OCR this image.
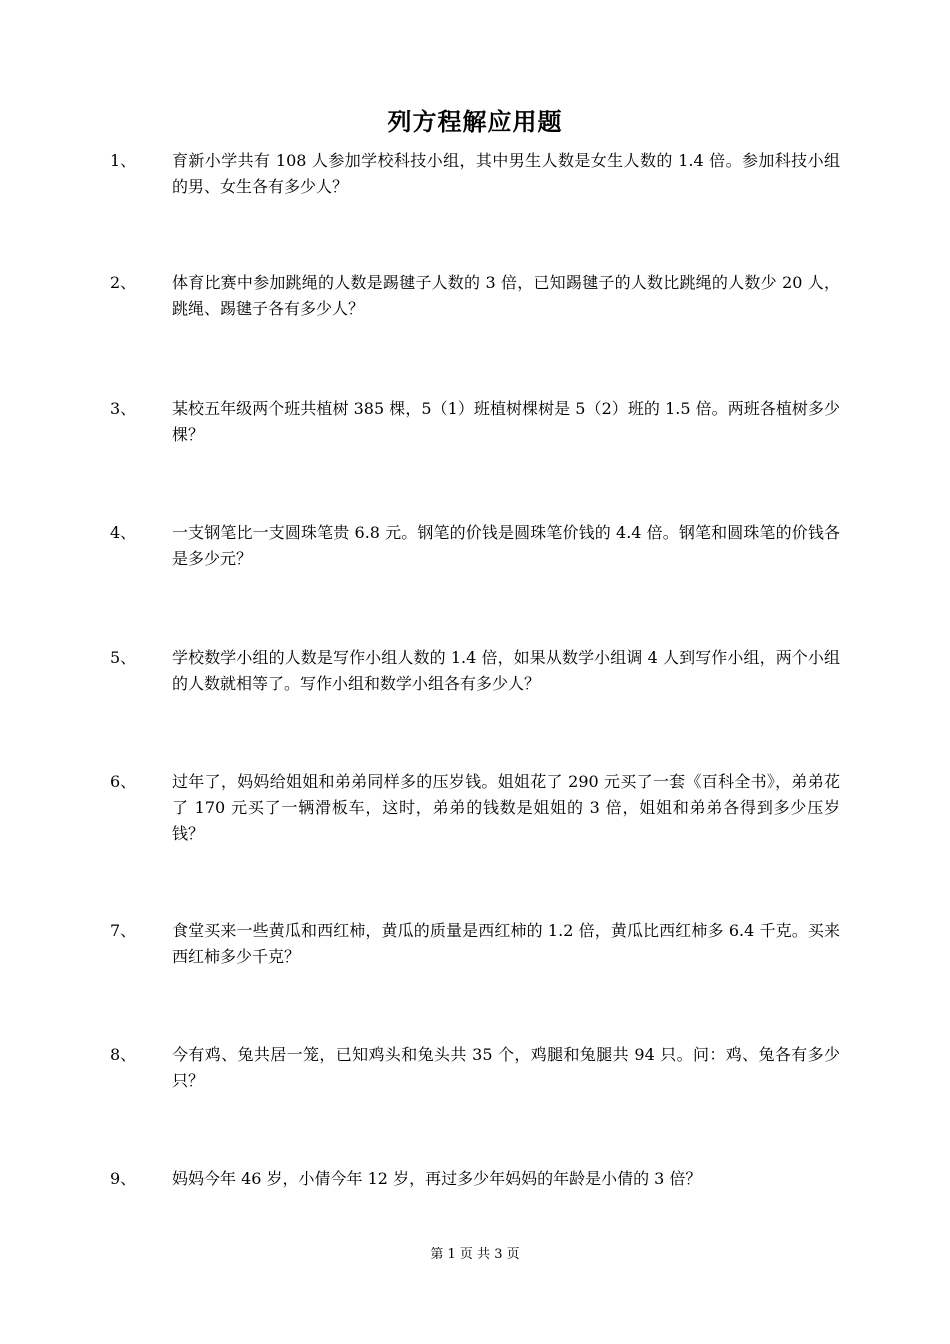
列方程解应用题
1、 育新小学共有 108 人参加学校科技小组，其中男生人数是女生人数的 1.4 倍。参加科技小组的男、女生各有多少人？
2、 体育比赛中参加跳绳的人数是踢毽子人数的 3 倍，已知踢毽子的人数比跳绳的人数少 20 人，跳绳、踢毽子各有多少人？
3、 某校五年级两个班共植树 385 棵，5（1）班植树棵树是 5（2）班的 1.5 倍。两班各植树多少棵？
4、 一支钢笔比一支圆珠笔贵 6.8 元。钢笔的价钱是圆珠笔价钱的 4.4 倍。钢笔和圆珠笔的价钱各是多少元？
5、 学校数学小组的人数是写作小组人数的 1.4 倍，如果从数学小组调 4 人到写作小组，两个小组的人数就相等了。写作小组和数学小组各有多少人？
6、 过年了，妈妈给姐姐和弟弟同样多的压岁钱。姐姐花了 290 元买了一套《百科全书》，弟弟花了 170 元买了一辆滑板车，这时，弟弟的钱数是姐姐的 3 倍，姐姐和弟弟各得到多少压岁钱？
7、 食堂买来一些黄瓜和西红柿，黄瓜的质量是西红柿的 1.2 倍，黄瓜比西红柿多 6.4 千克。买来西红柿多少千克？
8、 今有鸡、兔共居一笼，已知鸡头和兔头共 35 个，鸡腿和兔腿共 94 只。问：鸡、兔各有多少只？
9、 妈妈今年 46 岁，小倩今年 12 岁，再过多少年妈妈的年龄是小倩的 3 倍？
第 1 页 共 3 页
